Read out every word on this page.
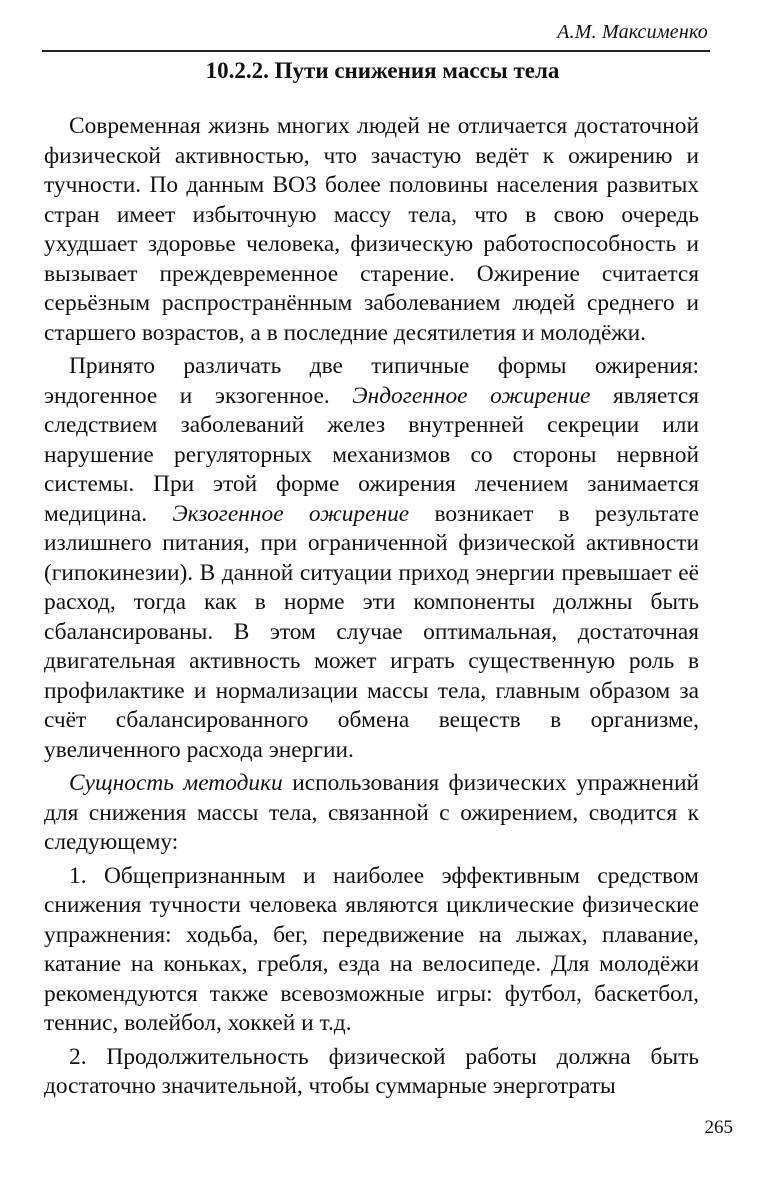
А.М. Максименко
10.2.2. Пути снижения массы тела

Современная жизнь многих людей не отличается достаточной физической активностью, что зачастую ведёт к ожирению и тучности. По данным ВОЗ более половины населения развитых стран имеет избыточную массу тела, что в свою очередь ухудшает здоровье человека, физическую работоспособность и вызывает преждевременное старение. Ожирение считается серьёзным распространённым заболеванием людей среднего и старшего возрастов, а в последние десятилетия и молодёжи.

Принято различать две типичные формы ожирения: эндогенное и экзогенное. Эндогенное ожирение является следствием заболеваний желез внутренней секреции или нарушение регуляторных механизмов со стороны нервной системы. При этой форме ожирения лечением занимается медицина. Экзогенное ожирение возникает в результате излишнего питания, при ограниченной физической активности (гипокинезии). В данной ситуации приход энергии превышает её расход, тогда как в норме эти компоненты должны быть сбалансированы. В этом случае оптимальная, достаточная двигательная активность может играть существенную роль в профилактике и нормализации массы тела, главным образом за счёт сбалансированного обмена веществ в организме, увеличенного расхода энергии.

Сущность методики использования физических упражнений для снижения массы тела, связанной с ожирением, сводится к следующему:

1. Общепризнанным и наиболее эффективным средством снижения тучности человека являются циклические физические упражнения: ходьба, бег, передвижение на лыжах, плавание, катание на коньках, гребля, езда на велосипеде. Для молодёжи рекомендуются также всевозможные игры: футбол, баскетбол, теннис, волейбол, хоккей и т.д.

2. Продолжительность физической работы должна быть достаточно значительной, чтобы суммарные энерготраты

265
